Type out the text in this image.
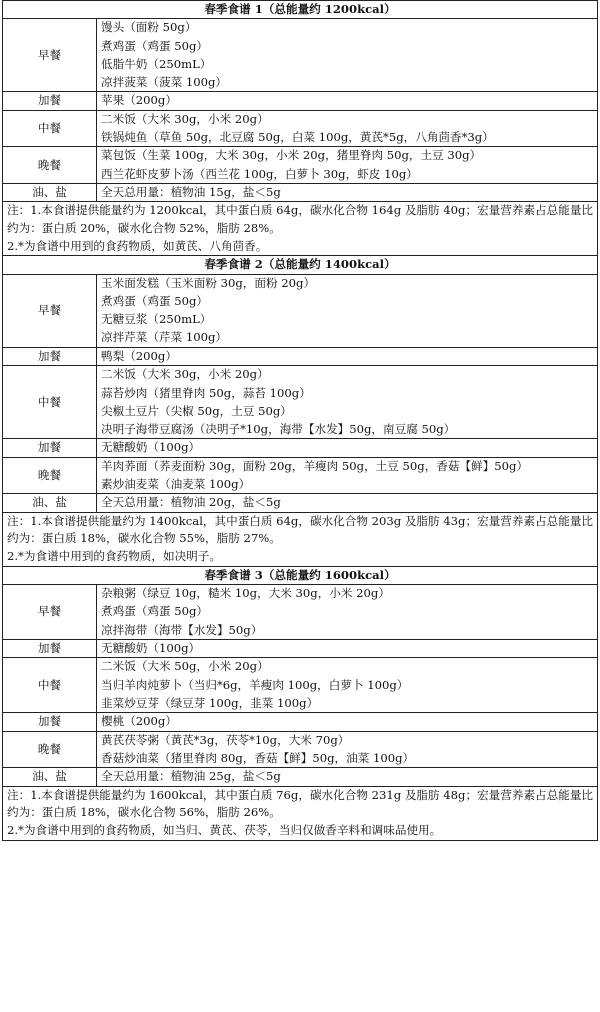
春季食谱 1（总能量约 1200kcal）	
早餐	馒头（面粉 50g）
煮鸡蛋（鸡蛋 50g）
低脂牛奶（250mL）
凉拌菠菜（菠菜 100g）

加餐	苹果（200g）

中餐	二米饭（大米 30g，小米 20g）
铁锅炖鱼（草鱼 50g，北豆腐 50g，白菜 100g，黄芪*5g，八角茴香*3g）

晚餐	菜包饭（生菜 100g，大米 30g，小米 20g，猪里脊肉 50g，土豆 30g）
西兰花虾皮萝卜汤（西兰花 100g，白萝卜 30g，虾皮 10g）

油、盐	全天总用量：植物油 15g，盐＜5g

注：1.本食谱提供能量约为 1200kcal，其中蛋白质 64g，碳水化合物 164g 及脂肪 40g；宏量营养素占总能量比约为：蛋白质 20%，碳水化合物 52%，脂肪 28%。
2.*为食谱中用到的食药物质，如黄芪、八角茴香。	

春季食谱 2（总能量约 1400kcal）	
早餐	玉米面发糕（玉米面粉 30g，面粉 20g）
煮鸡蛋（鸡蛋 50g）
无糖豆浆（250mL）
凉拌芹菜（芹菜 100g）

加餐	鸭梨（200g）

中餐	二米饭（大米 30g，小米 20g）
蒜苔炒肉（猪里脊肉 50g，蒜苔 100g）
尖椒土豆片（尖椒 50g，土豆 50g）
决明子海带豆腐汤（决明子*10g，海带【水发】50g，南豆腐 50g）

加餐	无糖酸奶（100g）

晚餐	羊肉荞面（荞麦面粉 30g，面粉 20g，羊瘦肉 50g，土豆 50g，香菇【鲜】50g）
素炒油麦菜（油麦菜 100g）

油、盐	全天总用量：植物油 20g，盐＜5g

注：1.本食谱提供能量约为 1400kcal，其中蛋白质 64g，碳水化合物 203g 及脂肪 43g；宏量营养素占总能量比约为：蛋白质 18%，碳水化合物 55%，脂肪 27%。
2.*为食谱中用到的食药物质，如决明子。	

春季食谱 3（总能量约 1600kcal）	
早餐	杂粮粥（绿豆 10g，糙米 10g，大米 30g，小米 20g）
煮鸡蛋（鸡蛋 50g）
凉拌海带（海带【水发】50g）

加餐	无糖酸奶（100g）

中餐	二米饭（大米 50g，小米 20g）
当归羊肉炖萝卜（当归*6g，羊瘦肉 100g，白萝卜 100g）
韭菜炒豆芽（绿豆芽 100g，韭菜 100g）

加餐	樱桃（200g）

晚餐	黄芪茯苓粥（黄芪*3g，茯苓*10g，大米 70g）
香菇炒油菜（猪里脊肉 80g，香菇【鲜】50g，油菜 100g）

油、盐	全天总用量：植物油 25g，盐＜5g

注：1.本食谱提供能量约为 1600kcal，其中蛋白质 76g，碳水化合物 231g 及脂肪 48g；宏量营养素占总能量比约为：蛋白质 18%，碳水化合物 56%，脂肪 26%。
2.*为食谱中用到的食药物质，如当归、黄芪、茯苓，当归仅做香辛料和调味品使用。	
